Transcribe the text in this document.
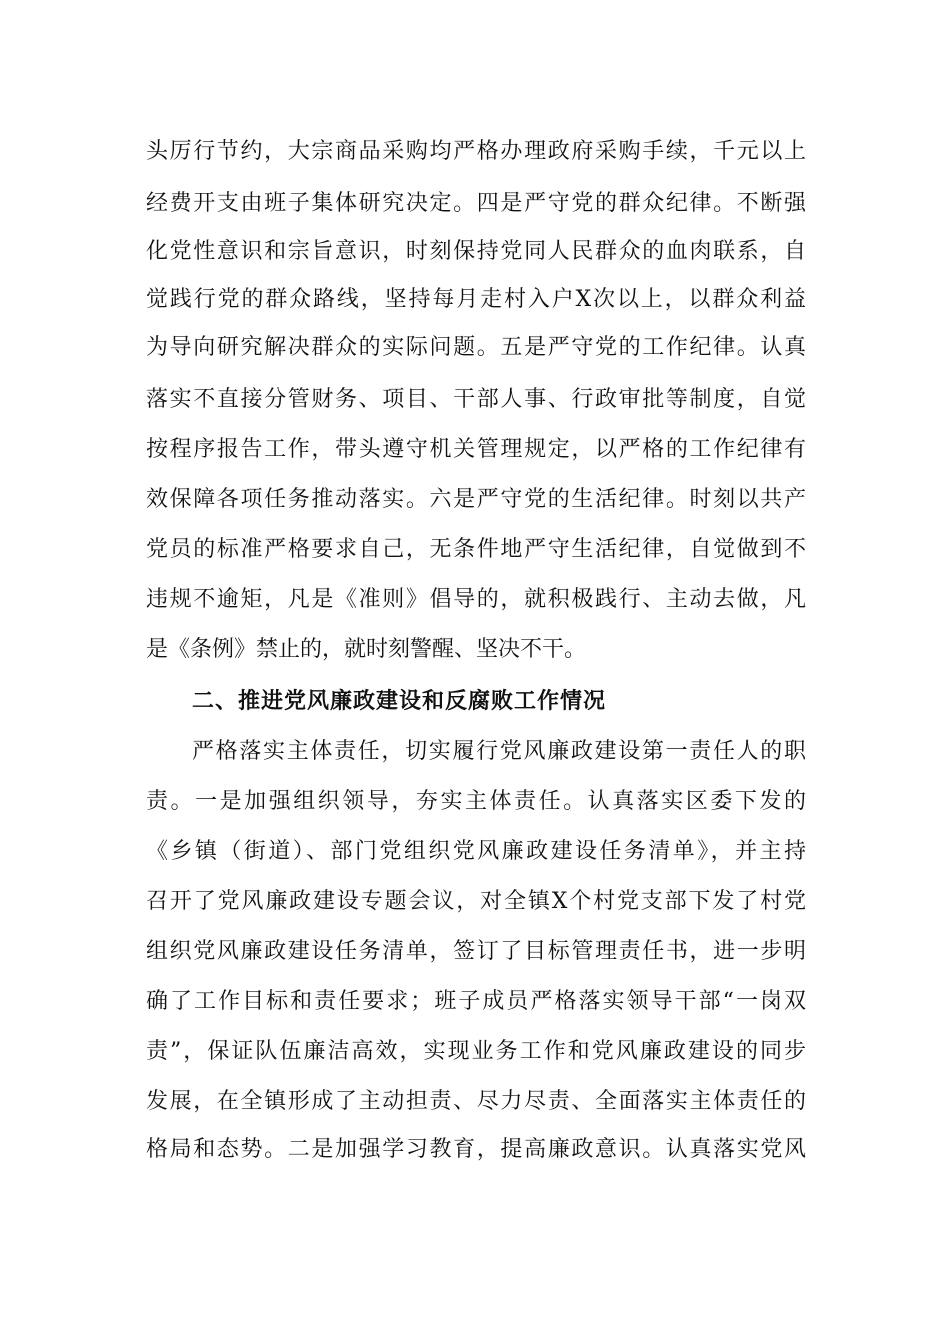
头厉行节约，大宗商品采购均严格办理政府采购手续，千元以上
经费开支由班子集体研究决定。四是严守党的群众纪律。不断强
化党性意识和宗旨意识，时刻保持党同人民群众的血肉联系，自
觉践行党的群众路线，坚持每月走村入户X次以上，以群众利益
为导向研究解决群众的实际问题。五是严守党的工作纪律。认真
落实不直接分管财务、项目、干部人事、行政审批等制度，自觉
按程序报告工作，带头遵守机关管理规定，以严格的工作纪律有
效保障各项任务推动落实。六是严守党的生活纪律。时刻以共产
党员的标准严格要求自己，无条件地严守生活纪律，自觉做到不
违规不逾矩，凡是《准则》倡导的，就积极践行、主动去做，凡
是《条例》禁止的，就时刻警醒、坚决不干。
二、推进党风廉政建设和反腐败工作情况
严格落实主体责任，切实履行党风廉政建设第一责任人的职
责。一是加强组织领导，夯实主体责任。认真落实区委下发的
《乡镇（街道）、部门党组织党风廉政建设任务清单》，并主持
召开了党风廉政建设专题会议，对全镇X个村党支部下发了村党
组织党风廉政建设任务清单，签订了目标管理责任书，进一步明
确了工作目标和责任要求；班子成员严格落实领导干部“一岗双
责”，保证队伍廉洁高效，实现业务工作和党风廉政建设的同步
发展，在全镇形成了主动担责、尽力尽责、全面落实主体责任的
格局和态势。二是加强学习教育，提高廉政意识。认真落实党风
